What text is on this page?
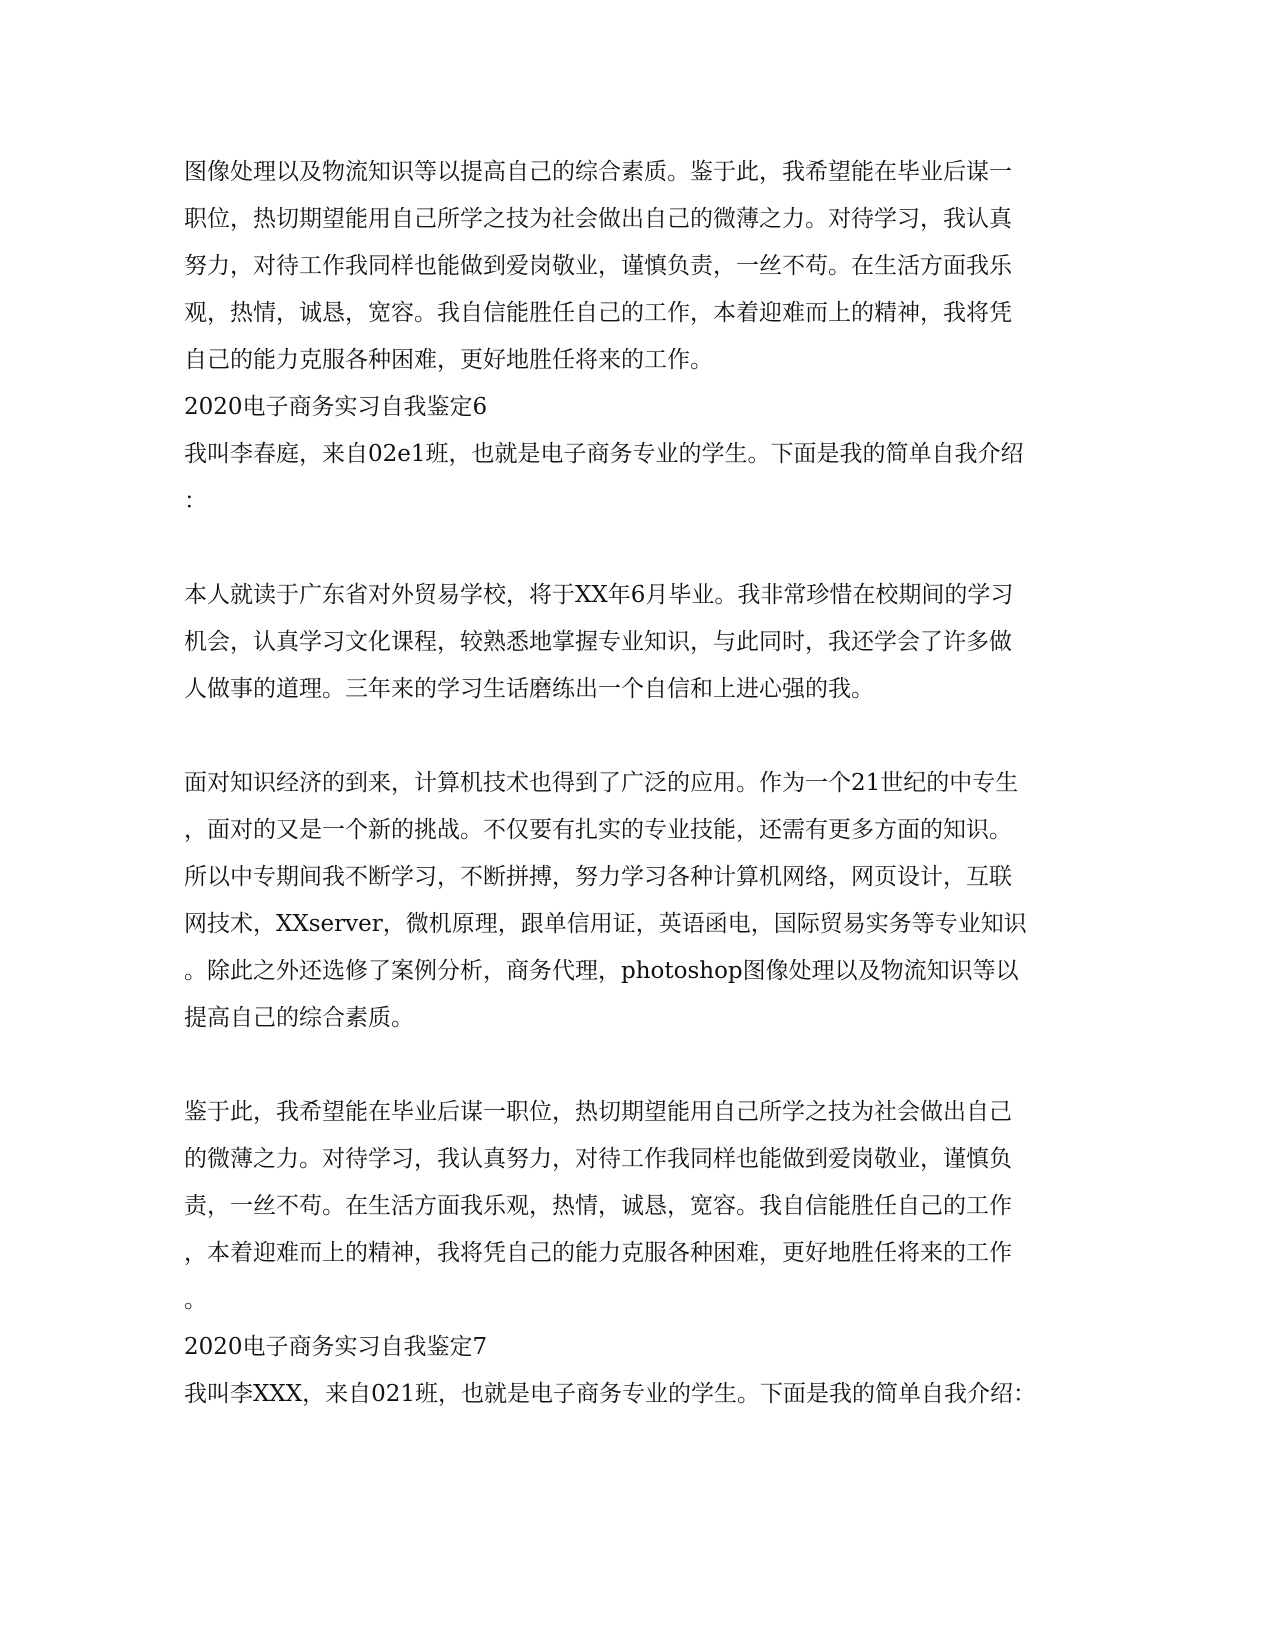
图像处理以及物流知识等以提高自己的综合素质。鉴于此，我希望能在毕业后谋一

职位，热切期望能用自己所学之技为社会做出自己的微薄之力。对待学习，我认真

努力，对待工作我同样也能做到爱岗敬业，谨慎负责，一丝不苟。在生活方面我乐

观，热情，诚恳，宽容。我自信能胜任自己的工作，本着迎难而上的精神，我将凭

自己的能力克服各种困难，更好地胜任将来的工作。

2020电子商务实习自我鉴定6

我叫李春庭，来自02e1班，也就是电子商务专业的学生。下面是我的简单自我介绍

：

本人就读于广东省对外贸易学校，将于XX年6月毕业。我非常珍惜在校期间的学习

机会，认真学习文化课程，较熟悉地掌握专业知识，与此同时，我还学会了许多做

人做事的道理。三年来的学习生话磨练出一个自信和上进心强的我。

面对知识经济的到来，计算机技术也得到了广泛的应用。作为一个21世纪的中专生

，面对的又是一个新的挑战。不仅要有扎实的专业技能，还需有更多方面的知识。

所以中专期间我不断学习，不断拼搏，努力学习各种计算机网络，网页设计，互联

网技术，XXserver，微机原理，跟单信用证，英语函电，国际贸易实务等专业知识

。除此之外还选修了案例分析，商务代理，photoshop图像处理以及物流知识等以

提高自己的综合素质。

鉴于此，我希望能在毕业后谋一职位，热切期望能用自己所学之技为社会做出自己

的微薄之力。对待学习，我认真努力，对待工作我同样也能做到爱岗敬业，谨慎负

责，一丝不苟。在生活方面我乐观，热情，诚恳，宽容。我自信能胜任自己的工作

，本着迎难而上的精神，我将凭自己的能力克服各种困难，更好地胜任将来的工作

。

2020电子商务实习自我鉴定7

我叫李XXX，来自021班，也就是电子商务专业的学生。下面是我的简单自我介绍：
